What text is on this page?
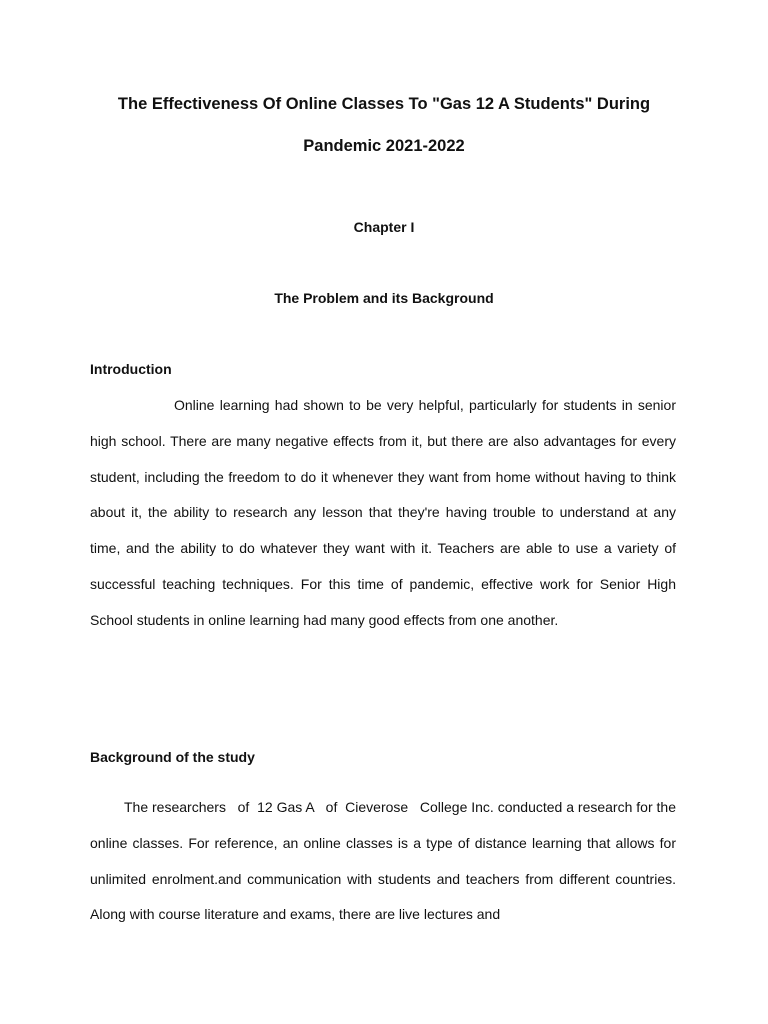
The Effectiveness Of Online Classes To "Gas 12 A Students" During
Pandemic 2021-2022
Chapter I
The Problem and its Background
Introduction

Online learning had shown to be very helpful, particularly for students in senior high school. There are many negative effects from it, but there are also advantages for every student, including the freedom to do it whenever they want from home without having to think about it, the ability to research any lesson that they're having trouble to understand at any time, and the ability to do whatever they want with it. Teachers are able to use a variety of successful teaching techniques. For this time of pandemic, effective work for Senior High School students in online learning had many good effects from one another.

Background of the study

The researchers   of  12 Gas A   of  Cieverose   College Inc. conducted a research for the online classes. For reference, an online classes is a type of distance learning that allows for unlimited enrolment.and communication with students and teachers from different countries. Along with course literature and exams, there are live lectures and
